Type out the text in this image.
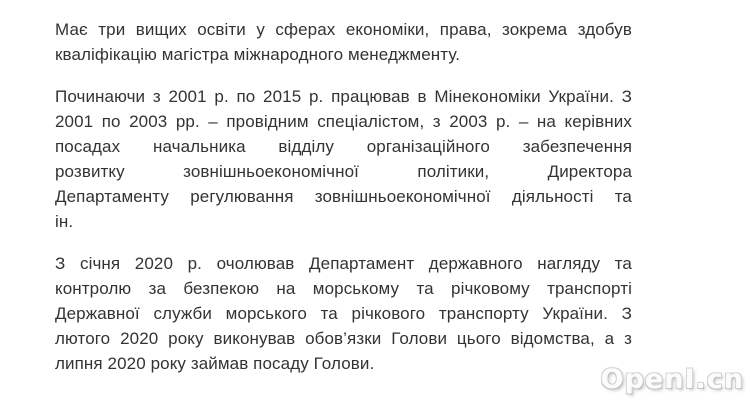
Має три вищих освіти у сферах економіки, права, зокрема здобув
кваліфікацію магістра міжнародного менеджменту.
Починаючи з 2001 р. по 2015 р. працював в Мінекономіки України. З
2001 по 2003 рр. – провідним спеціалістом, з 2003 р. – на керівних
посадах начальника відділу організаційного забезпечення
розвитку зовнішньоекономічної політики, Директора
Департаменту регулювання зовнішньоекономічної діяльності та
ін.
З січня 2020 р. очолював Департамент державного нагляду та
контролю за безпекою на морському та річковому транспорті
Державної служби морського та річкового транспорту України. З
лютого 2020 року виконував обов’язки Голови цього відомства, а з
липня 2020 року займав посаду Голови.
OpenI.cn
